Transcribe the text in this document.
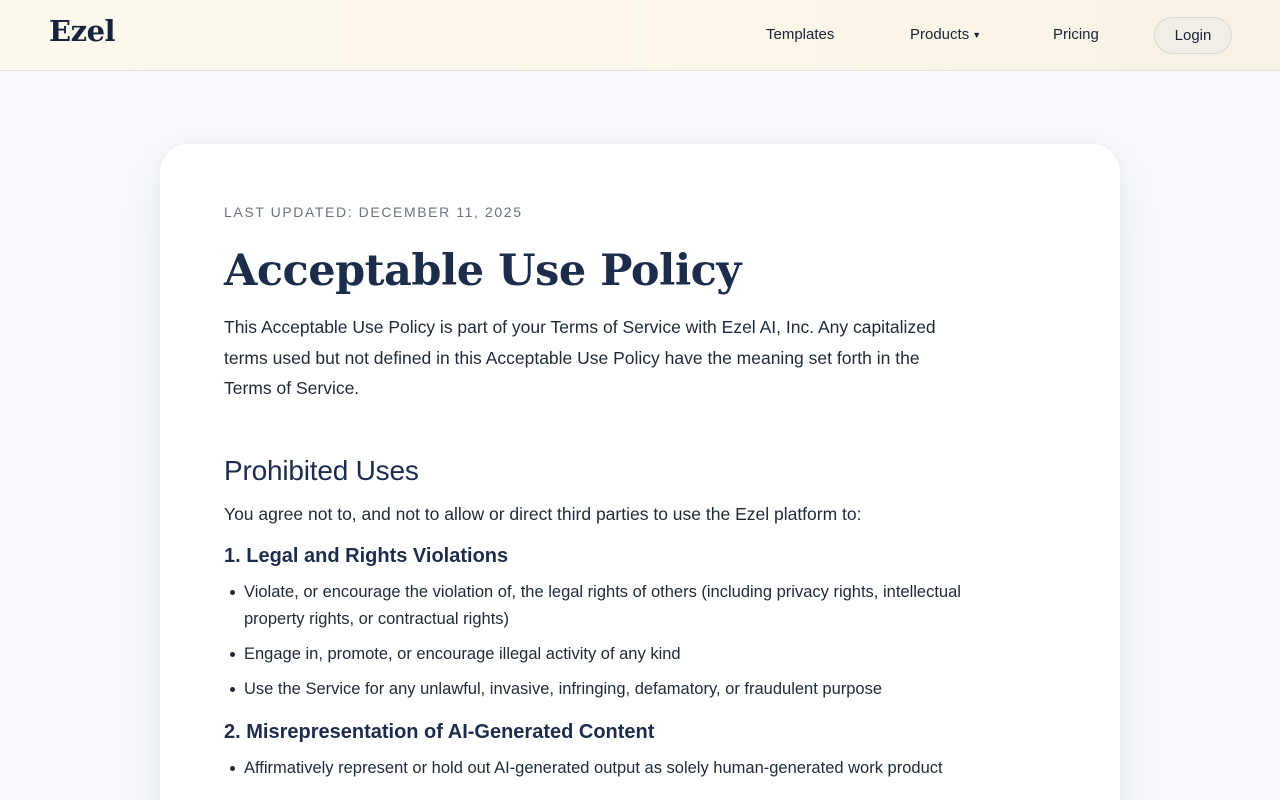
Ezel	Templates	Products ▼	Pricing	Login

LAST UPDATED: DECEMBER 11, 2025

Acceptable Use Policy

This Acceptable Use Policy is part of your Terms of Service with Ezel AI, Inc. Any capitalized terms used but not defined in this Acceptable Use Policy have the meaning set forth in the Terms of Service.

Prohibited Uses

You agree not to, and not to allow or direct third parties to use the Ezel platform to:

1. Legal and Rights Violations
Violate, or encourage the violation of, the legal rights of others (including privacy rights, intellectual property rights, or contractual rights)
Engage in, promote, or encourage illegal activity of any kind
Use the Service for any unlawful, invasive, infringing, defamatory, or fraudulent purpose
2. Misrepresentation of AI-Generated Content
Affirmatively represent or hold out AI-generated output as solely human-generated work product
